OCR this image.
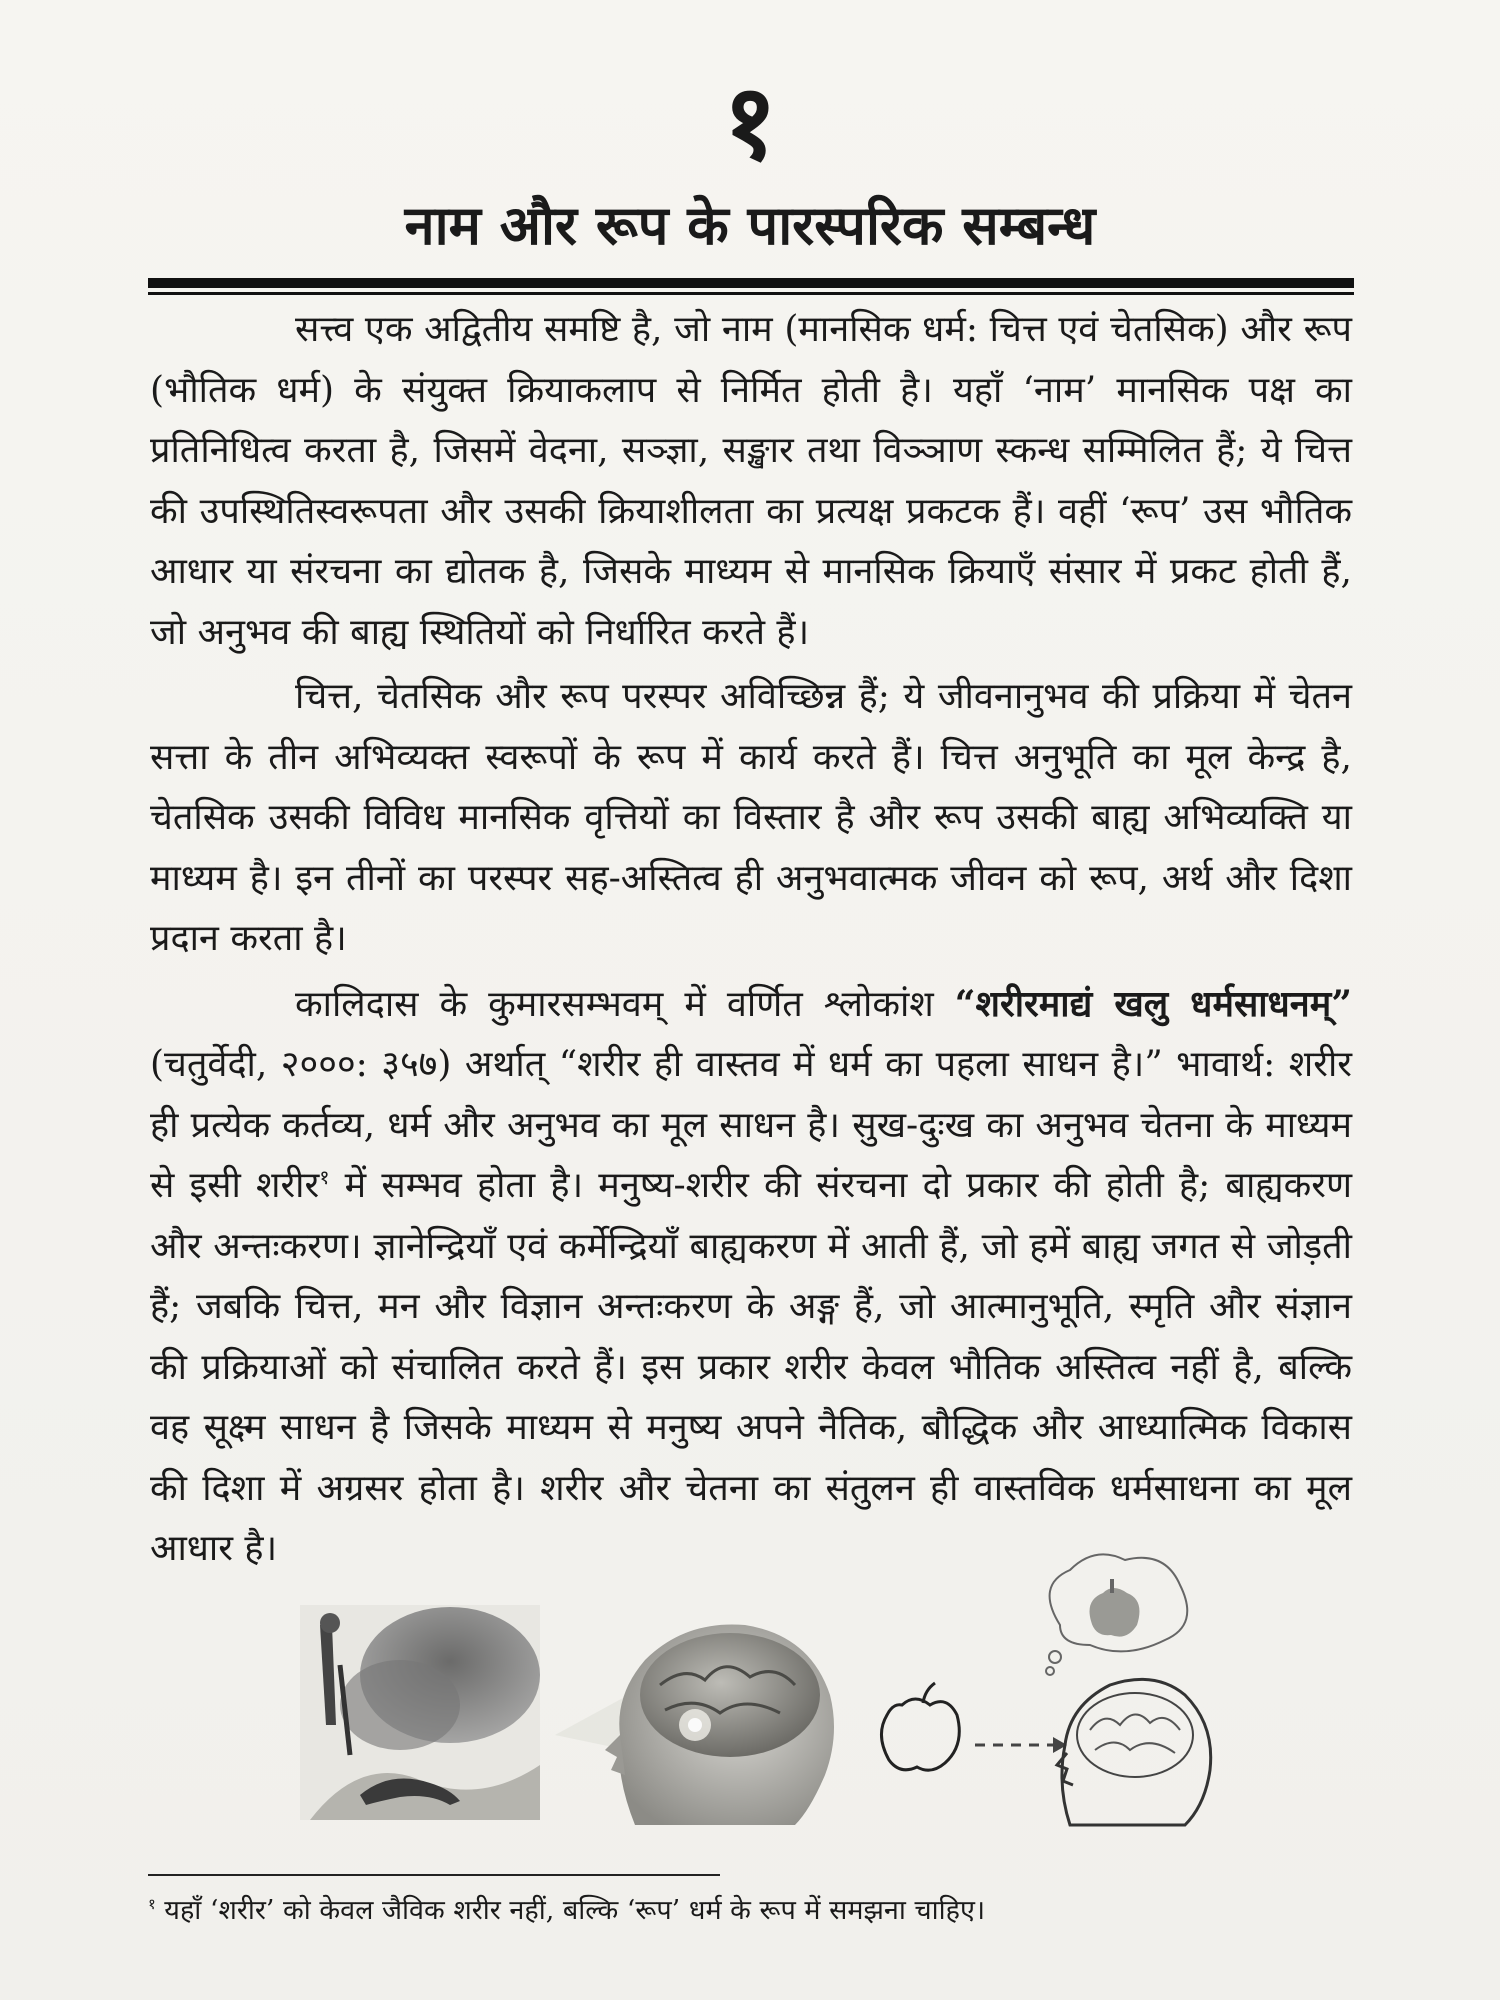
१
नाम और रूप के पारस्परिक सम्बन्ध

सत्त्व एक अद्वितीय समष्टि है, जो नाम (मानसिक धर्म: चित्त एवं चेतसिक) और रूप (भौतिक धर्म) के संयुक्त क्रियाकलाप से निर्मित होती है। यहाँ ‘नाम’ मानसिक पक्ष का प्रतिनिधित्व करता है, जिसमें वेदना, सञ्ज्ञा, सङ्खार तथा विञ्ञाण स्कन्ध सम्मिलित हैं; ये चित्त की उपस्थितिस्वरूपता और उसकी क्रियाशीलता का प्रत्यक्ष प्रकटक हैं। वहीं ‘रूप’ उस भौतिक आधार या संरचना का द्योतक है, जिसके माध्यम से मानसिक क्रियाएँ संसार में प्रकट होती हैं, जो अनुभव की बाह्य स्थितियों को निर्धारित करते हैं।

चित्त, चेतसिक और रूप परस्पर अविच्छिन्न हैं; ये जीवनानुभव की प्रक्रिया में चेतन सत्ता के तीन अभिव्यक्त स्वरूपों के रूप में कार्य करते हैं। चित्त अनुभूति का मूल केन्द्र है, चेतसिक उसकी विविध मानसिक वृत्तियों का विस्तार है और रूप उसकी बाह्य अभिव्यक्ति या माध्यम है। इन तीनों का परस्पर सह-अस्तित्व ही अनुभवात्मक जीवन को रूप, अर्थ और दिशा प्रदान करता है।

कालिदास के कुमारसम्भवम् में वर्णित श्लोकांश “शरीरमाद्यं खलु धर्मसाधनम्” (चतुर्वेदी, २०००: ३५७) अर्थात् “शरीर ही वास्तव में धर्म का पहला साधन है।” भावार्थ: शरीर ही प्रत्येक कर्तव्य, धर्म और अनुभव का मूल साधन है। सुख-दुःख का अनुभव चेतना के माध्यम से इसी शरीर$^१$ में सम्भव होता है। मनुष्य-शरीर की संरचना दो प्रकार की होती है; बाह्यकरण और अन्तःकरण। ज्ञानेन्द्रियाँ एवं कर्मेन्द्रियाँ बाह्यकरण में आती हैं, जो हमें बाह्य जगत से जोड़ती हैं; जबकि चित्त, मन और विज्ञान अन्तःकरण के अङ्ग हैं, जो आत्मानुभूति, स्मृति और संज्ञान की प्रक्रियाओं को संचालित करते हैं। इस प्रकार शरीर केवल भौतिक अस्तित्व नहीं है, बल्कि वह सूक्ष्म साधन है जिसके माध्यम से मनुष्य अपने नैतिक, बौद्धिक और आध्यात्मिक विकास की दिशा में अग्रसर होता है। शरीर और चेतना का संतुलन ही वास्तविक धर्मसाधना का मूल आधार है।

$^१$ यहाँ ‘शरीर’ को केवल जैविक शरीर नहीं, बल्कि ‘रूप’ धर्म के रूप में समझना चाहिए।
